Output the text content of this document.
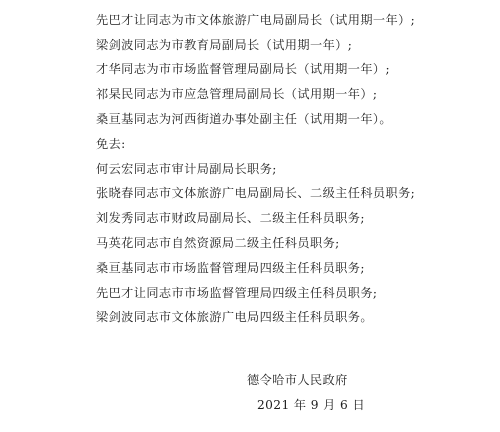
先巴才让同志为市文体旅游广电局副局长（试用期一年）;
梁剑波同志为市教育局副局长（试用期一年）;
才华同志为市市场监督管理局副局长（试用期一年）;
祁杲民同志为市应急管理局副局长（试用期一年）;
桑亘基同志为河西街道办事处副主任（试用期一年）。
免去:
何云宏同志市审计局副局长职务;
张晓春同志市文体旅游广电局副局长、二级主任科员职务;
刘发秀同志市财政局副局长、二级主任科员职务;
马英花同志市自然资源局二级主任科员职务;
桑亘基同志市市场监督管理局四级主任科员职务;
先巴才让同志市市场监督管理局四级主任科员职务;
梁剑波同志市文体旅游广电局四级主任科员职务。
德令哈市人民政府
2021 年 9 月 6 日
